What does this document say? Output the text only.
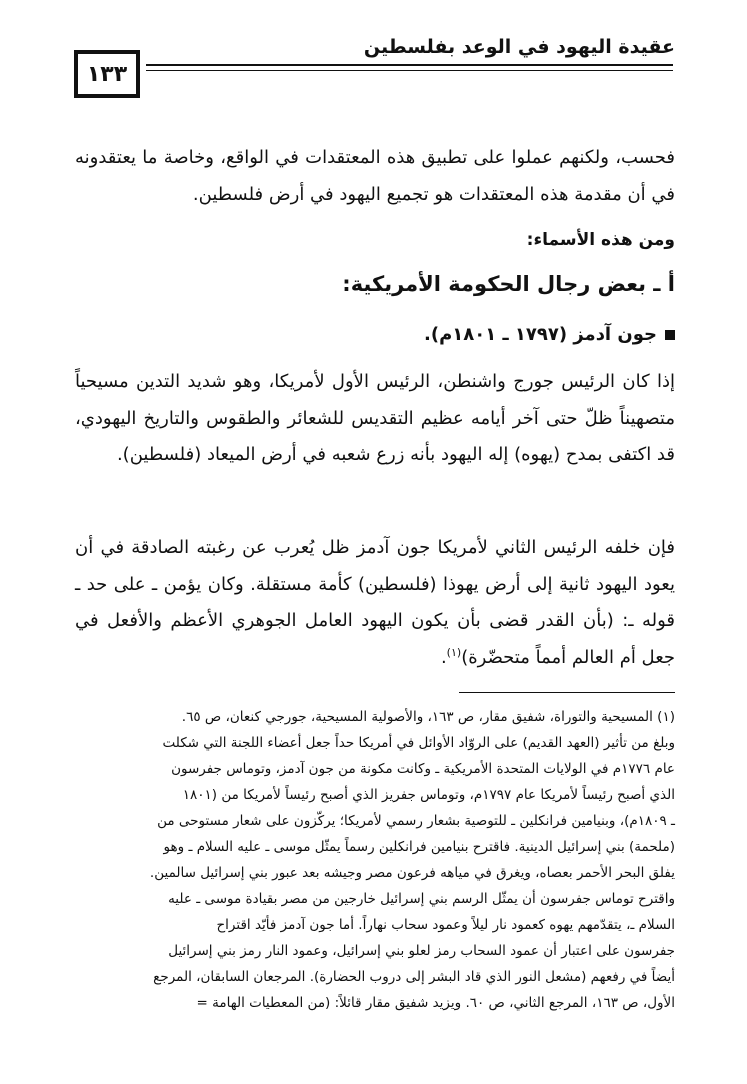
عقيدة اليهود في الوعد بفلسطين
١٣٣
فحسب، ولكنهم عملوا على تطبيق هذه المعتقدات في الواقع، وخاصة ما يعتقدونه في أن مقدمة هذه المعتقدات هو تجميع اليهود في أرض فلسطين.
ومن هذه الأسماء:
أ ـ بعض رجال الحكومة الأمريكية:
جون آدمز (١٧٩٧ ـ ١٨٠١م).
إذا كان الرئيس جورج واشنطن، الرئيس الأول لأمريكا، وهو شديد التدين مسيحياً متصهيناً ظلّ حتى آخر أيامه عظيم التقديس للشعائر والطقوس والتاريخ اليهودي، قد اكتفى بمدح (يهوه) إله اليهود بأنه زرع شعبه في أرض الميعاد (فلسطين).
فإن خلفه الرئيس الثاني لأمريكا جون آدمز ظل يُعرب عن رغبته الصادقة في أن يعود اليهود ثانية إلى أرض يهوذا (فلسطين) كأمة مستقلة. وكان يؤمن ـ على حد ـ قوله ـ: (بأن القدر قضى بأن يكون اليهود العامل الجوهري الأعظم والأفعل في جعل أم العالم أمماً متحضّرة)$^{(١)}$.
(١) المسيحية والتوراة، شفيق مقار، ص ١٦٣، والأصولية المسيحية، جورجي كنعان، ص ٦٥.
وبلغ من تأثير (العهد القديم) على الروّاد الأوائل في أمريكا حداً جعل أعضاء اللجنة التي شكلت
عام ١٧٧٦م في الولايات المتحدة الأمريكية ـ وكانت مكونة من جون آدمز، وتوماس جفرسون
الذي أصبح رئيساً لأمريكا عام ١٧٩٧م، وتوماس جفريز الذي أصبح رئيساً لأمريكا من (١٨٠١
ـ ١٨٠٩م)، وبنيامين فرانكلين ـ للتوصية بشعار رسمي لأمريكا؛ يركّزون على شعار مستوحى من
(ملحمة) بني إسرائيل الدينية. فاقترح بنيامين فرانكلين رسماً يمثّل موسى ـ عليه السلام ـ وهو
يفلق البحر الأحمر بعصاه، ويغرق في مياهه فرعون مصر وجيشه بعد عبور بني إسرائيل سالمين.
واقترح توماس جفرسون أن يمثّل الرسم بني إسرائيل خارجين من مصر بقيادة موسى ـ عليه
السلام ـ، يتقدّمهم يهوه كعمود نار ليلاً وعمود سحاب نهاراً. أما جون آدمز فأيّد اقتراح
جفرسون على اعتبار أن عمود السحاب رمز لعلو بني إسرائيل، وعمود النار رمز بني إسرائيل
أيضاً في رفعهم (مشعل النور الذي قاد البشر إلى دروب الحضارة). المرجعان السابقان، المرجع
الأول، ص ١٦٣، المرجع الثاني، ص ٦٠. ويزيد شفيق مقار قائلاً: (من المعطيات الهامة =
